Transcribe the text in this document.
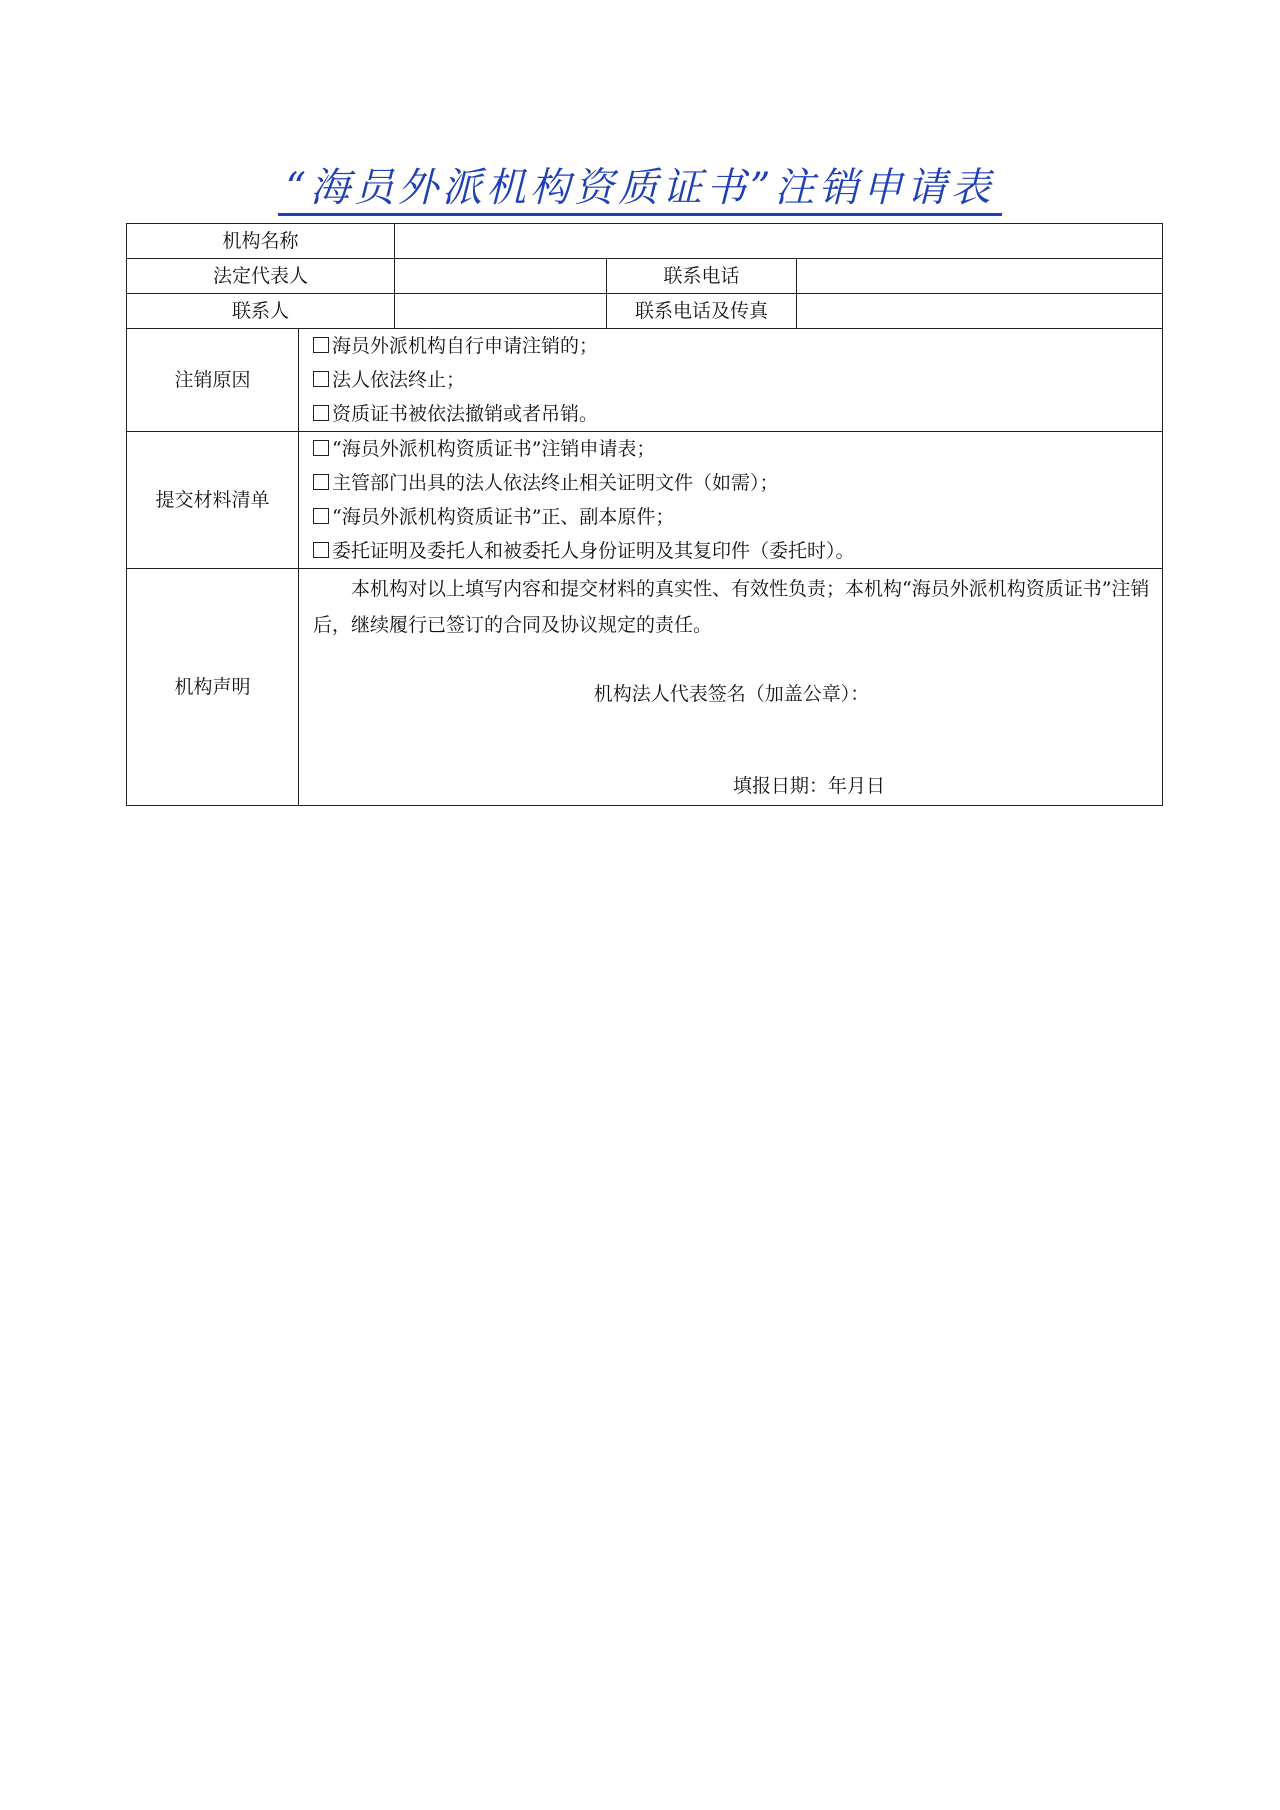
“海员外派机构资质证书”注销申请表
机构名称				
法定代表人			联系电话	
联系人			联系电话及传真	
注销原因	海员外派机构自行申请注销的；
法人依法终止；
资质证书被依法撤销或者吊销。			

提交材料清单	“海员外派机构资质证书”注销申请表；
主管部门出具的法人依法终止相关证明文件（如需）；
“海员外派机构资质证书”正、副本原件；
委托证明及委托人和被委托人身份证明及其复印件（委托时）。			

机构声明	本机构对以上填写内容和提交材料的真实性、有效性负责；本机构“海员外派机构资质证书”注销后，继续履行已签订的合同及协议规定的责任。
机构法人代表签名（加盖公章）：
填报日期：年月日			
